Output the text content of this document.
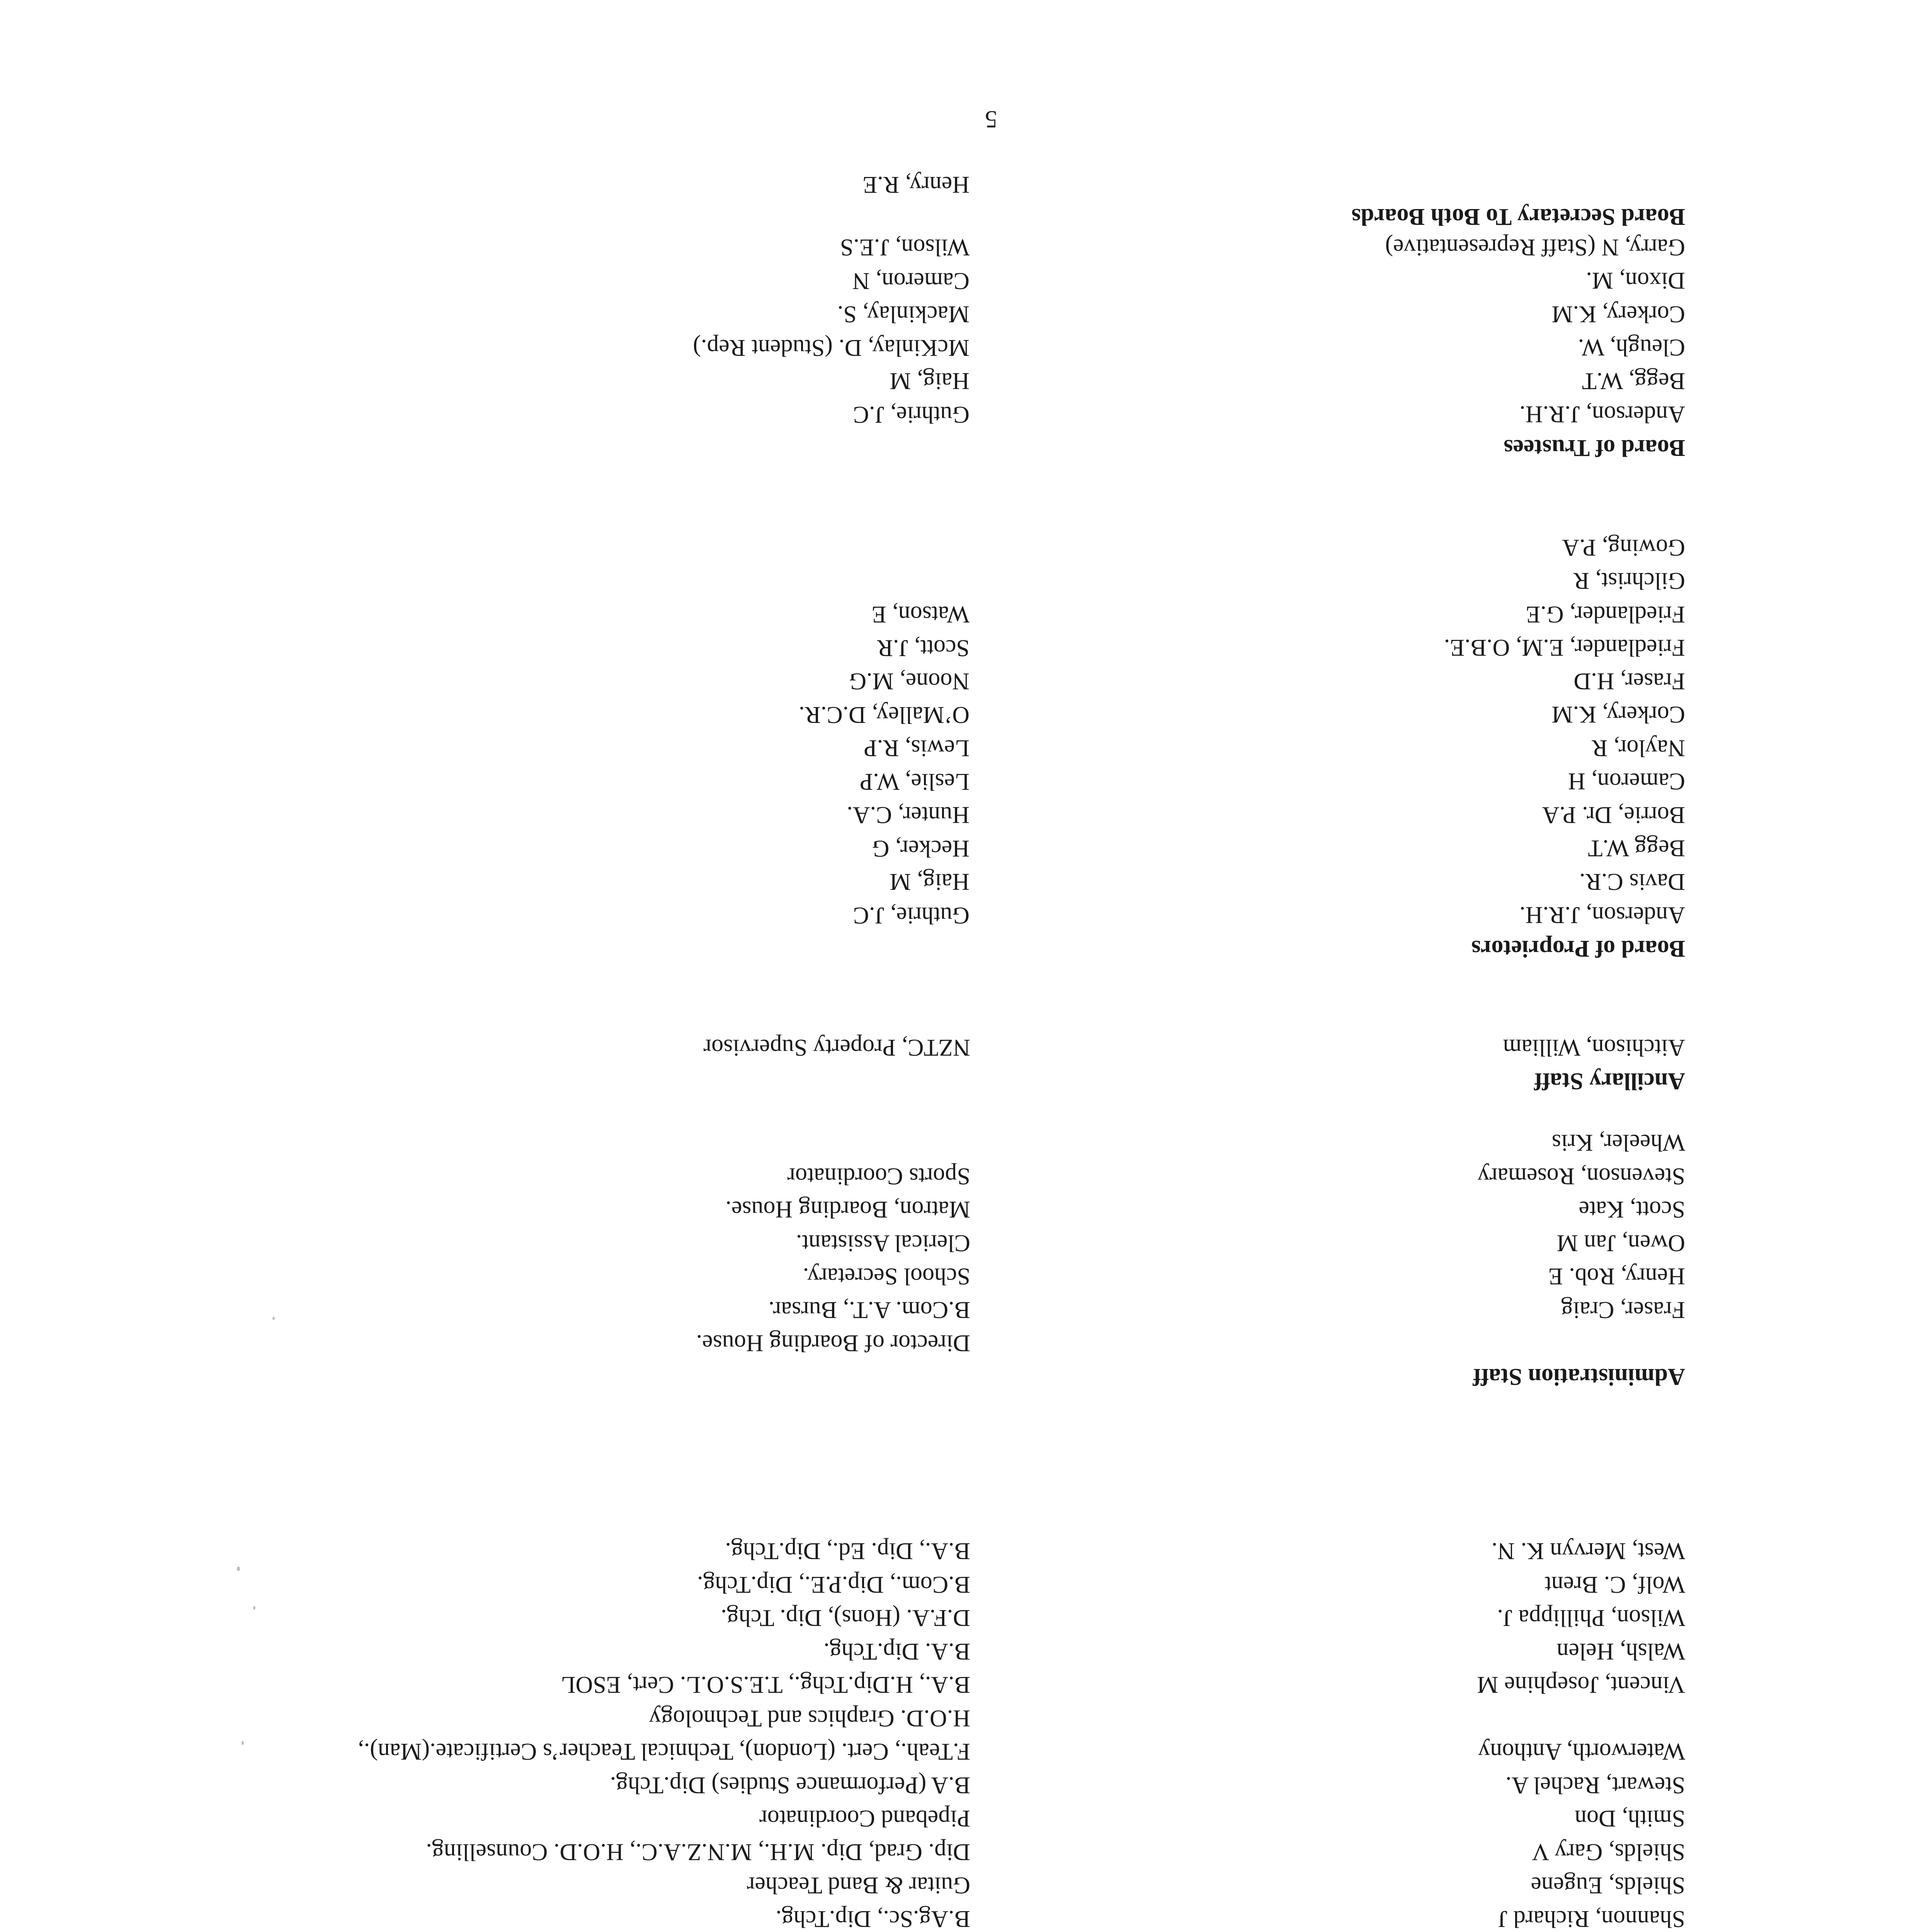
Shannon, Richard J
B.Ag.Sc., Dip.Tchg.
Shields, Eugene
Guitar & Band Teacher
Shields, Gary V
Dip. Grad, Dip. M.H., M.N.Z.A.C., H.O.D. Counselling.
Smith, Don
Pipeband Coordinator
Stewart, Rachel A.
B.A (Performance Studies) Dip.Tchg.
Waterworth, Anthony
F.Teah., Cert. (London), Technical Teacher’s Certificate.(Man).,
H.O.D. Graphics and Technology
Vincent, Josephine M
B.A., H.Dip.Tchg., T.E.S.O.L. Cert, ESOL
Walsh, Helen
B.A. Dip.Tchg.
Wilson, Phillippa J.
D.F.A. (Hons), Dip. Tchg.
Wolf, C. Brent
B.Com., Dip.P.E., Dip.Tchg.
West, Mervyn K. N.
B.A., Dip. Ed., Dip.Tchg.
Administration Staff
Director of Boarding House.
Fraser, Craig
B.Com. A.T., Bursar.
Henry, Rob. E
School Secretary.
Owen, Jan M
Clerical Assistant.
Scott, Kate
Matron, Boarding House.
Stevenson, Rosemary
Sports Coordinator
Wheeler, Kris
Ancillary Staff
Aitchison, William
NZTC, Property Supervisor
Board of Proprietors
Anderson, J.R.H.
Davis C.R.
Begg W.T
Borrie, Dr. P.A
Cameron, H
Naylor, R
Corkery, K.M
Fraser, H.D
Friedlander, E.M, O.B.E.
Friedlander, G.E
Gilchrist, R
Gowing, P.A
Guthrie, J.C
Haig, M
Hecker, G
Hunter, C.A.
Leslie, W.P
Lewis, R.P
O’Malley, D.C.R.
Noone, M.G
Scott, J.R
Watson, E
Board of Trustees
Anderson, J.R.H.
Begg, W.T
Cleugh, W.
Corkery, K.M
Dixon, M.
Garry, N (Staff Representative)
Guthrie, J.C
Haig, M
McKinlay, D. (Student Rep.)
Mackinlay, S.
Cameron, N
Wilson, J.E.S
Board Secretary To Both Boards
Henry, R.E
5
